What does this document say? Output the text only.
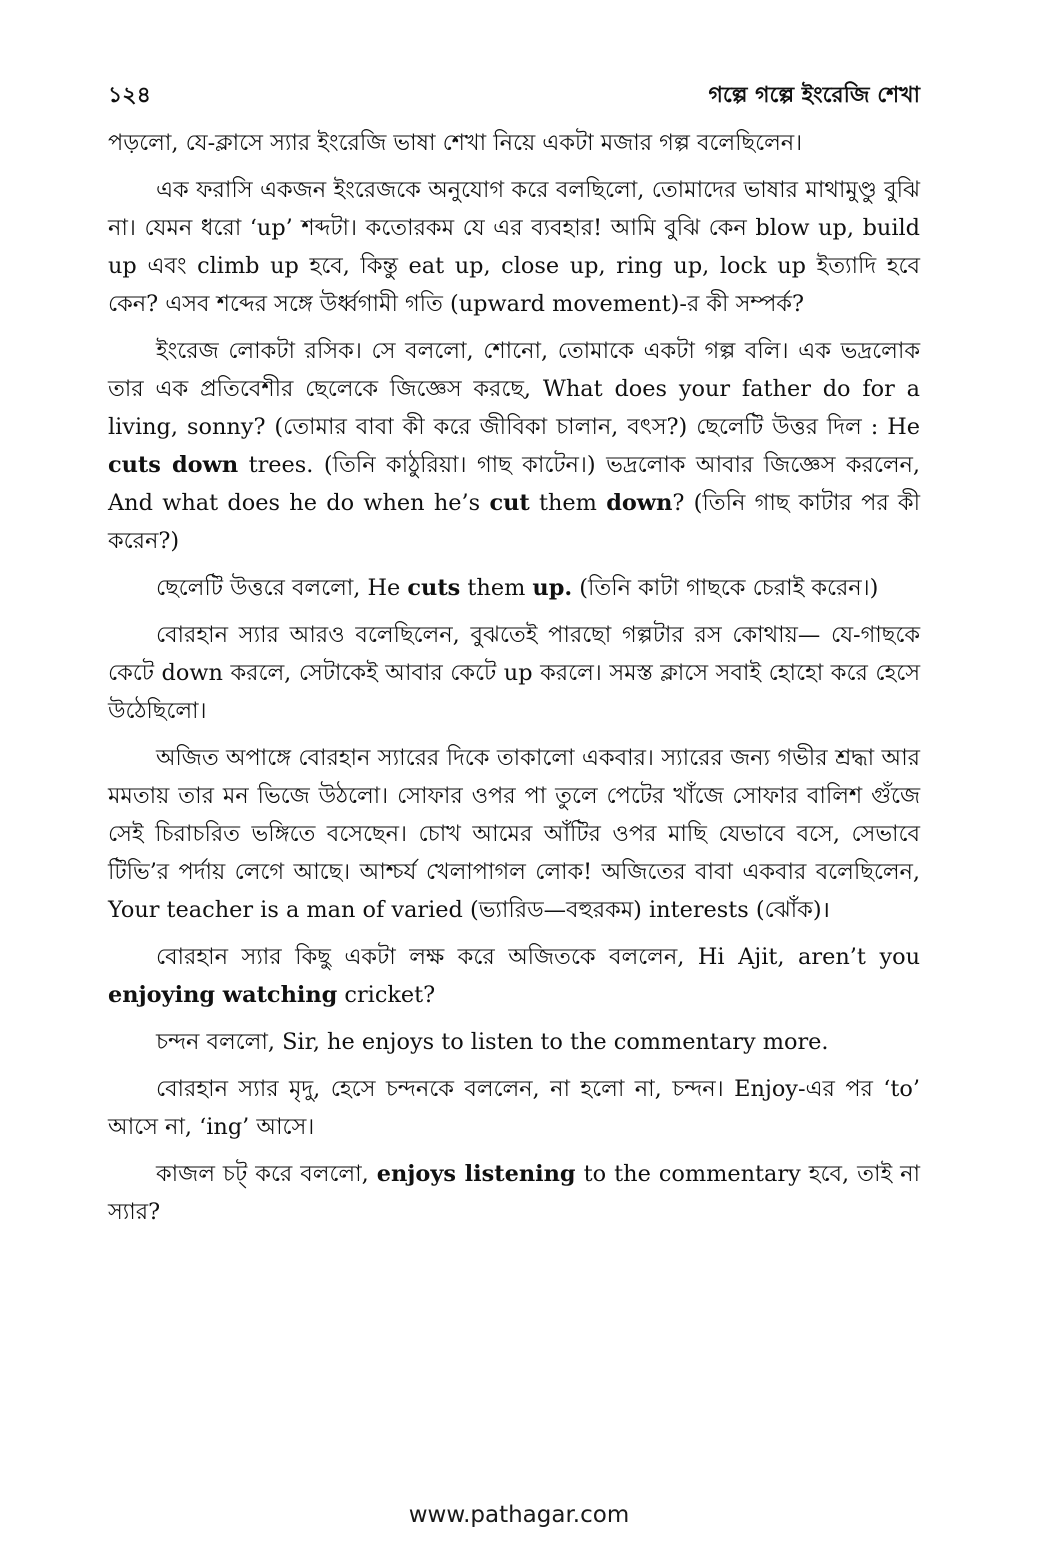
১২৪	গল্পে গল্পে ইংরেজি শেখা

পড়লো, যে-ক্লাসে স্যার ইংরেজি ভাষা শেখা নিয়ে একটা মজার গল্প বলেছিলেন।

এক ফরাসি একজন ইংরেজকে অনুযোগ করে বলছিলো, তোমাদের ভাষার মাথামুণ্ডু বুঝি না। যেমন ধরো ‘up’ শব্দটা। কতোরকম যে এর ব্যবহার! আমি বুঝি কেন blow up, build up এবং climb up হবে, কিন্তু eat up, close up, ring up, lock up ইত্যাদি হবে কেন? এসব শব্দের সঙ্গে উর্ধ্বগামী গতি (upward movement)-র কী সম্পর্ক?

ইংরেজ লোকটা রসিক। সে বললো, শোনো, তোমাকে একটা গল্প বলি। এক ভদ্রলোক তার এক প্রতিবেশীর ছেলেকে জিজ্ঞেস করছে, What does your father do for a living, sonny? (তোমার বাবা কী করে জীবিকা চালান, বৎস?) ছেলেটি উত্তর দিল : He cuts down trees. (তিনি কাঠুরিয়া। গাছ কাটেন।) ভদ্রলোক আবার জিজ্ঞেস করলেন, And what does he do when he’s cut them down? (তিনি গাছ কাটার পর কী করেন?)

ছেলেটি উত্তরে বললো, He cuts them up. (তিনি কাটা গাছকে চেরাই করেন।)

বোরহান স্যার আরও বলেছিলেন, বুঝতেই পারছো গল্পটার রস কোথায়— যে-গাছকে কেটে down করলে, সেটাকেই আবার কেটে up করলে। সমস্ত ক্লাসে সবাই হোহো করে হেসে উঠেছিলো।

অজিত অপাঙ্গে বোরহান স্যারের দিকে তাকালো একবার। স্যারের জন্য গভীর শ্রদ্ধা আর মমতায় তার মন ভিজে উঠলো। সোফার ওপর পা তুলে পেটের খাঁজে সোফার বালিশ গুঁজে সেই চিরাচরিত ভঙ্গিতে বসেছেন। চোখ আমের আঁটির ওপর মাছি যেভাবে বসে, সেভাবে টিভি’র পর্দায় লেগে আছে। আশ্চর্য খেলাপাগল লোক! অজিতের বাবা একবার বলেছিলেন, Your teacher is a man of varied (ভ্যারিড—বহুরকম) interests (ঝোঁক)।

বোরহান স্যার কিছু একটা লক্ষ করে অজিতকে বললেন, Hi Ajit, aren’t you enjoying watching cricket?

চন্দন বললো, Sir, he enjoys to listen to the commentary more.

বোরহান স্যার মৃদু, হেসে চন্দনকে বললেন, না হলো না, চন্দন। Enjoy-এর পর ‘to’ আসে না, ‘ing’ আসে।

কাজল চট্ করে বললো, enjoys listening to the commentary হবে, তাই না স্যার?

www.pathagar.com
